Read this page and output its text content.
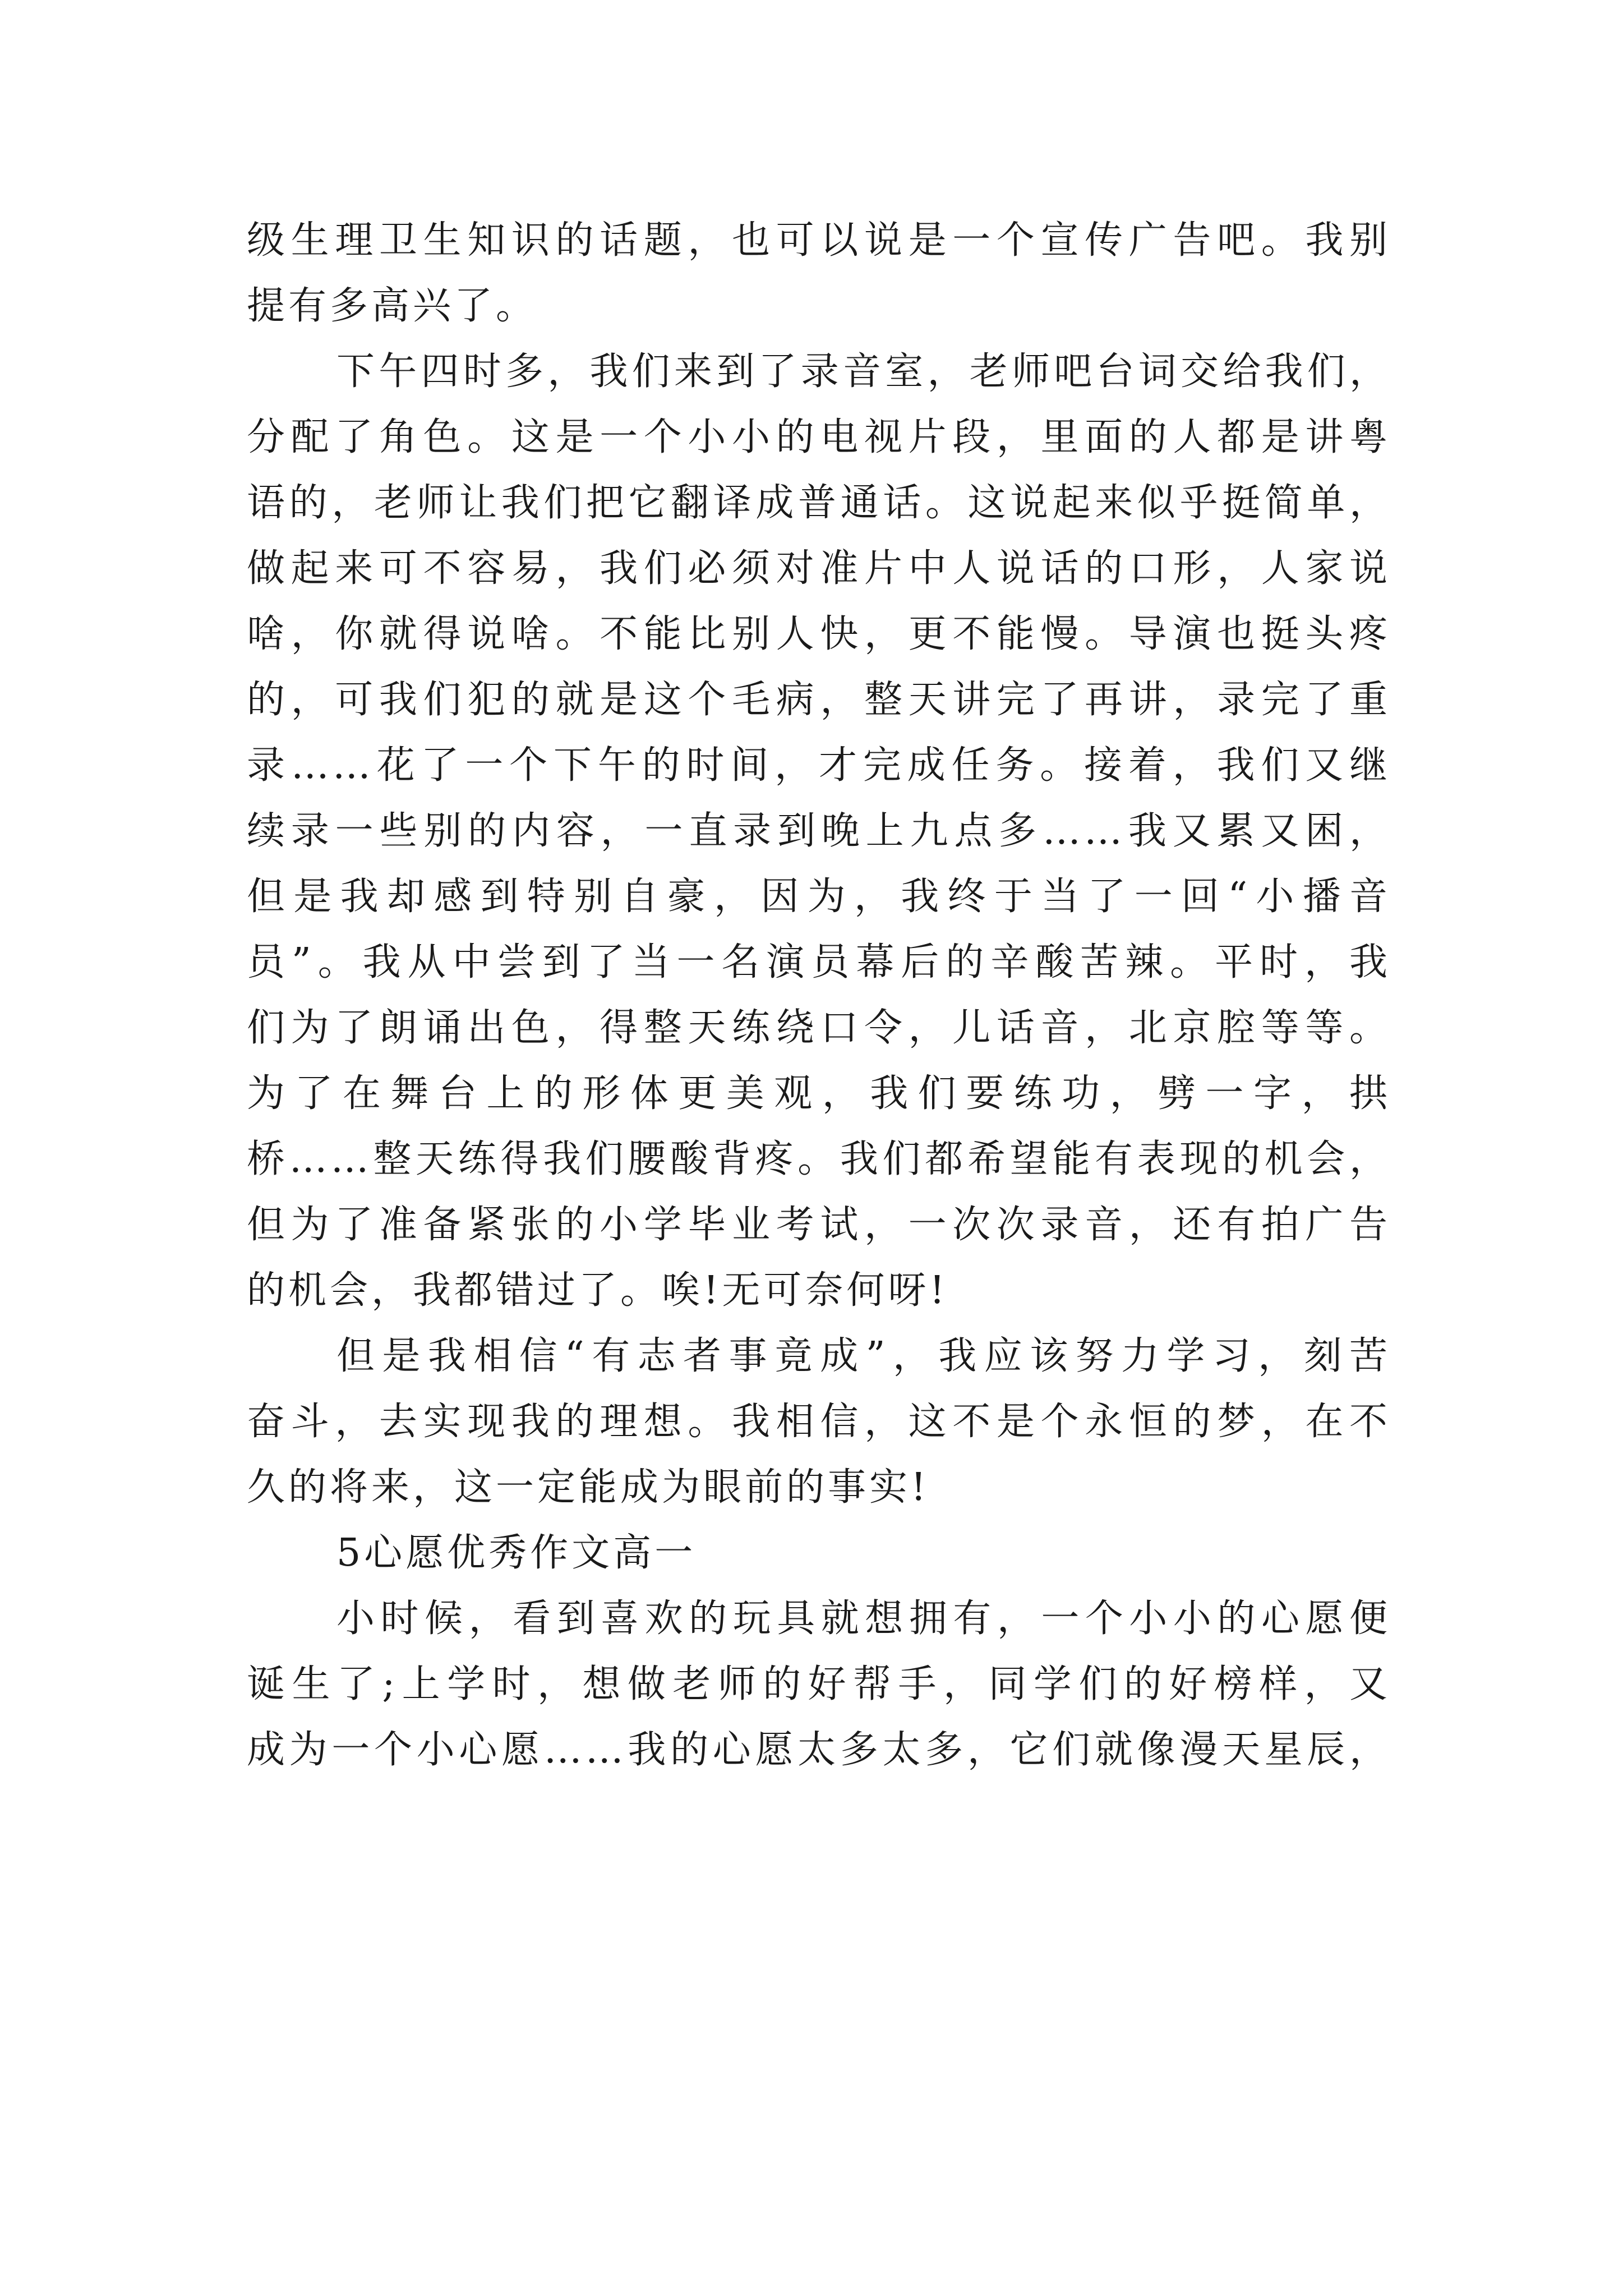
级生理卫生知识的话题，也可以说是一个宣传广告吧。我别
提有多高兴了。
下午四时多，我们来到了录音室，老师吧台词交给我们，
分配了角色。这是一个小小的电视片段，里面的人都是讲粤
语的，老师让我们把它翻译成普通话。这说起来似乎挺简单，
做起来可不容易，我们必须对准片中人说话的口形，人家说
啥，你就得说啥。不能比别人快，更不能慢。导演也挺头疼
的，可我们犯的就是这个毛病，整天讲完了再讲，录完了重
录……花了一个下午的时间，才完成任务。接着，我们又继
续录一些别的内容，一直录到晚上九点多……我又累又困，
但是我却感到特别自豪，因为，我终于当了一回“小播音
员”。我从中尝到了当一名演员幕后的辛酸苦辣。平时，我
们为了朗诵出色，得整天练绕口令，儿话音，北京腔等等。
为了在舞台上的形体更美观，我们要练功，劈一字，拱
桥……整天练得我们腰酸背疼。我们都希望能有表现的机会，
但为了准备紧张的小学毕业考试，一次次录音，还有拍广告
的机会，我都错过了。唉!无可奈何呀!
但是我相信“有志者事竟成”，我应该努力学习，刻苦
奋斗，去实现我的理想。我相信，这不是个永恒的梦，在不
久的将来，这一定能成为眼前的事实!
5心愿优秀作文高一
小时候，看到喜欢的玩具就想拥有，一个小小的心愿便
诞生了;上学时，想做老师的好帮手，同学们的好榜样，又
成为一个小心愿……我的心愿太多太多，它们就像漫天星辰，
